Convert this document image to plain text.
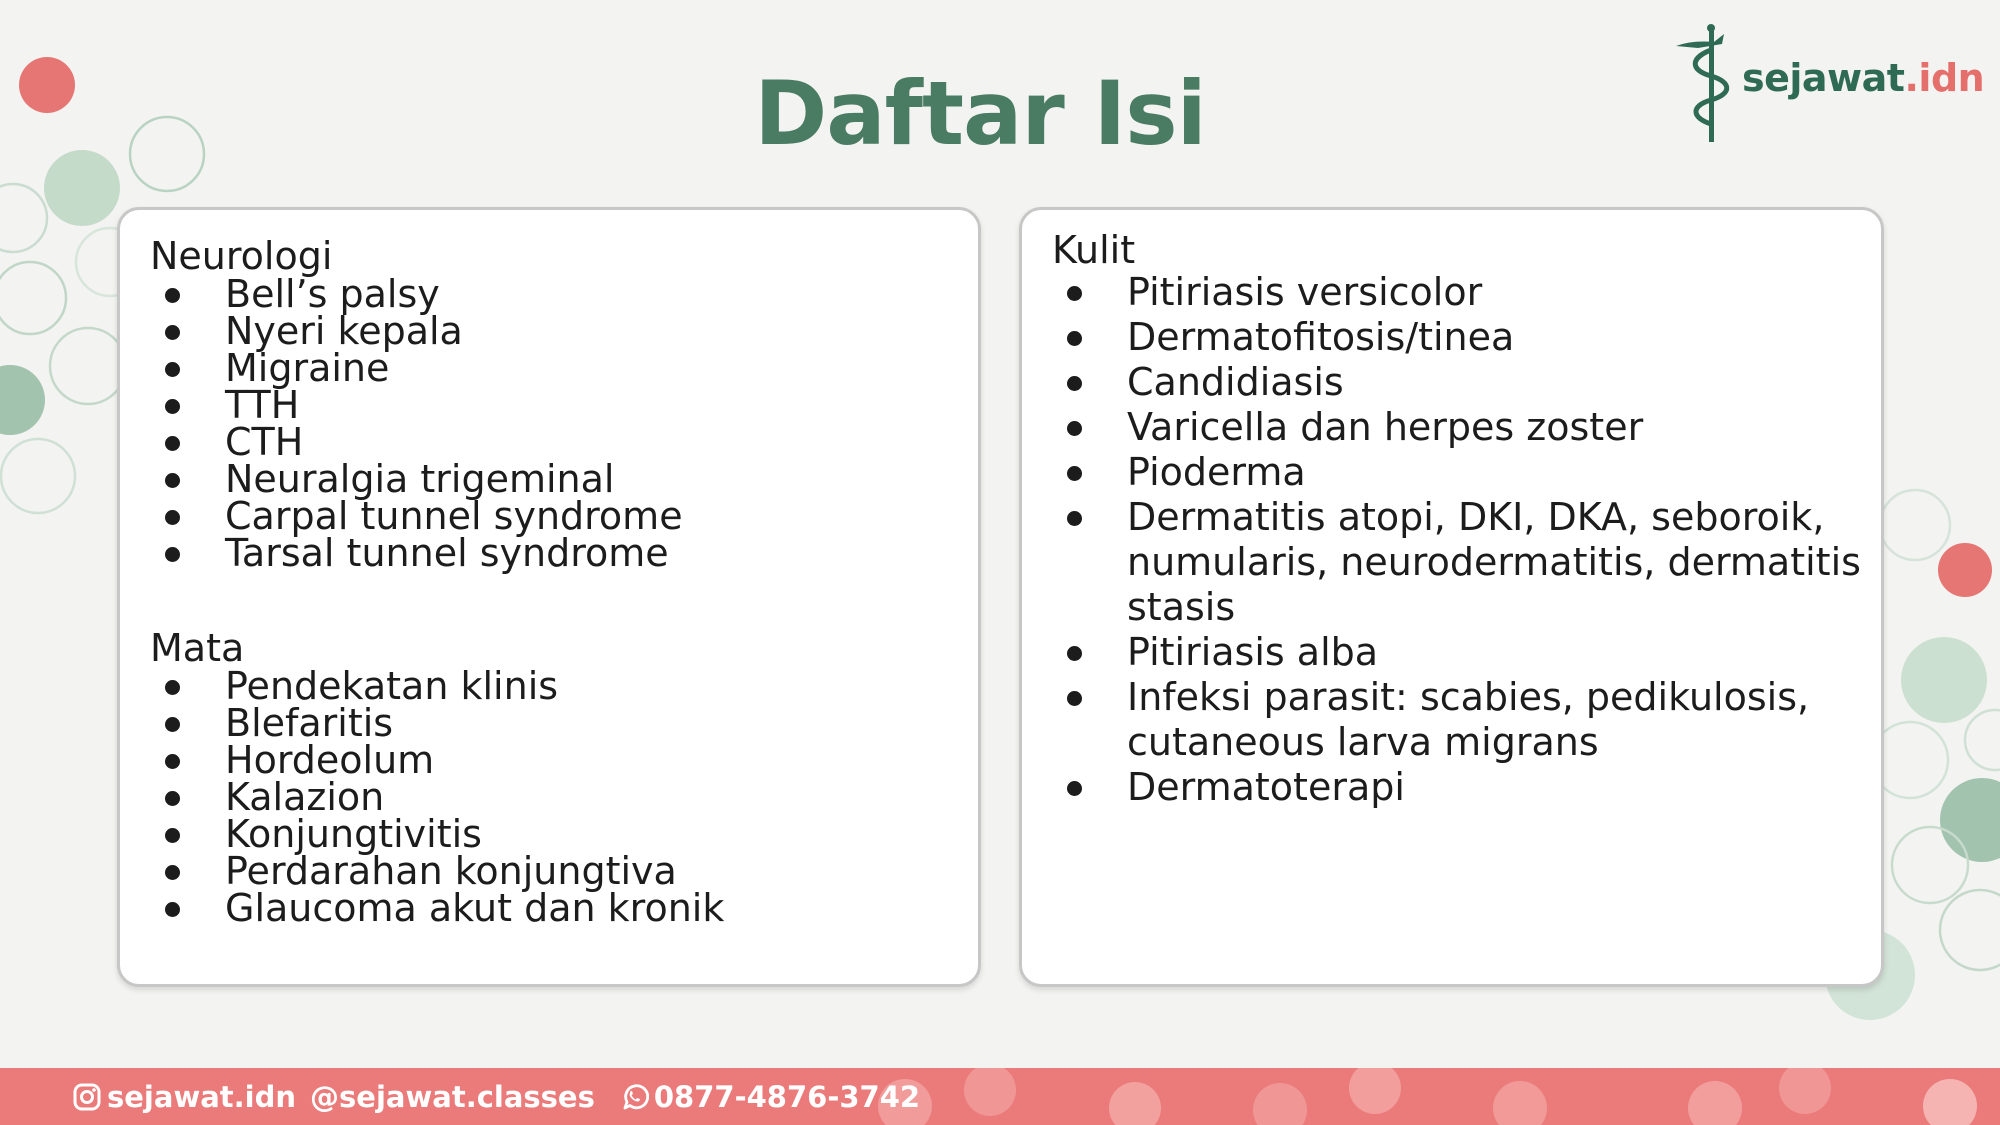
Daftar Isi	sejawat.idn

Neurologi

Bell’s palsy
Nyeri kepala
Migraine
TTH
CTH
Neuralgia trigeminal
Carpal tunnel syndrome
Tarsal tunnel syndrome

Mata

Pendekatan klinis
Blefaritis
Hordeolum
Kalazion
Konjungtivitis
Perdarahan konjungtiva
Glaucoma akut dan kronik

Kulit

Pitiriasis versicolor
Dermatofitosis/tinea
Candidiasis
Varicella dan herpes zoster
Pioderma
Dermatitis atopi, DKI, DKA, seboroik, numularis, neurodermatitis, dermatitis stasis
Pitiriasis alba
Infeksi parasit: scabies, pedikulosis, cutaneous larva migrans
Dermatoterapi
sejawat.idn @sejawat.classes 0877-4876-3742
